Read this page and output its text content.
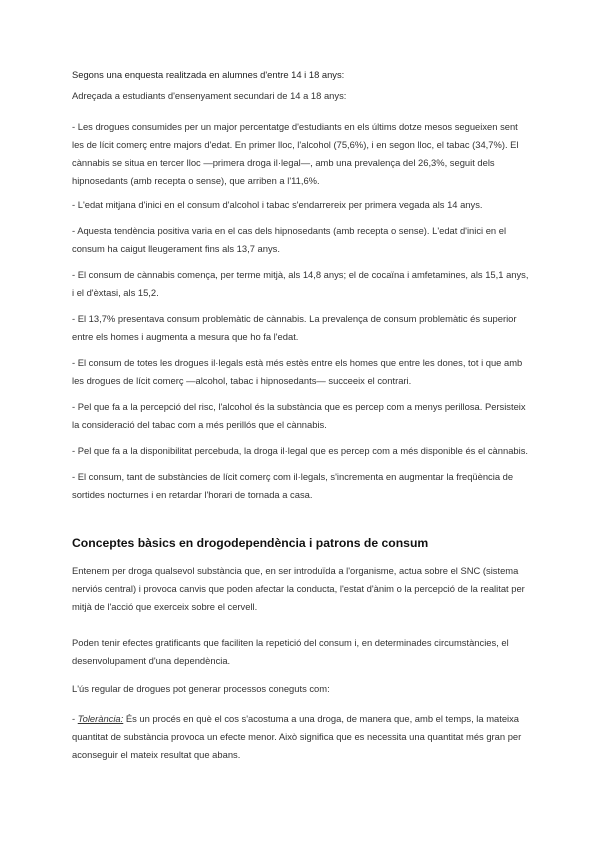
Segons una enquesta realitzada en alumnes d'entre 14 i 18 anys:

Adreçada a estudiants d'ensenyament secundari de 14 a 18 anys:

- Les drogues consumides per un major percentatge d'estudiants en els últims dotze mesos segueixen sent les de lícit comerç entre majors d'edat. En primer lloc, l'alcohol (75,6%), i en segon lloc, el tabac (34,7%). El cànnabis se situa en tercer lloc —primera droga il·legal—, amb una prevalença del 26,3%, seguit dels hipnosedants (amb recepta o sense), que arriben a l'11,6%.

- L'edat mitjana d'inici en el consum d'alcohol i tabac s'endarrereix per primera vegada als 14 anys.

- Aquesta tendència positiva varia en el cas dels hipnosedants (amb recepta o sense). L'edat d'inici en el consum ha caigut lleugerament fins als 13,7 anys.

- El consum de cànnabis comença, per terme mitjà, als 14,8 anys; el de cocaïna i amfetamines, als 15,1 anys, i el d'èxtasi, als 15,2.

- El 13,7% presentava consum problemàtic de cànnabis. La prevalença de consum problemàtic és superior entre els homes i augmenta a mesura que ho fa l'edat.

- El consum de totes les drogues il·legals està més estès entre els homes que entre les dones, tot i que amb les drogues de lícit comerç —alcohol, tabac i hipnosedants— succeeix el contrari.

- Pel que fa a la percepció del risc, l'alcohol és la substància que es percep com a menys perillosa. Persisteix la consideració del tabac com a més perillós que el cànnabis.

- Pel que fa a la disponibilitat percebuda, la droga il·legal que es percep com a més disponible és el cànnabis.

- El consum, tant de substàncies de lícit comerç com il·legals, s'incrementa en augmentar la freqüència de sortides nocturnes i en retardar l'horari de tornada a casa.

Conceptes bàsics en drogodependència i patrons de consum

Entenem per droga qualsevol substància que, en ser introduïda a l'organisme, actua sobre el SNC (sistema nerviós central) i provoca canvis que poden afectar la conducta, l'estat d'ànim o la percepció de la realitat per mitjà de l'acció que exerceix sobre el cervell.

Poden tenir efectes gratificants que faciliten la repetició del consum i, en determinades circumstàncies, el desenvolupament d'una dependència.

L'ús regular de drogues pot generar processos coneguts com:

- Tolerància: És un procés en què el cos s'acostuma a una droga, de manera que, amb el temps, la mateixa quantitat de substància provoca un efecte menor. Això significa que es necessita una quantitat més gran per aconseguir el mateix resultat que abans.
